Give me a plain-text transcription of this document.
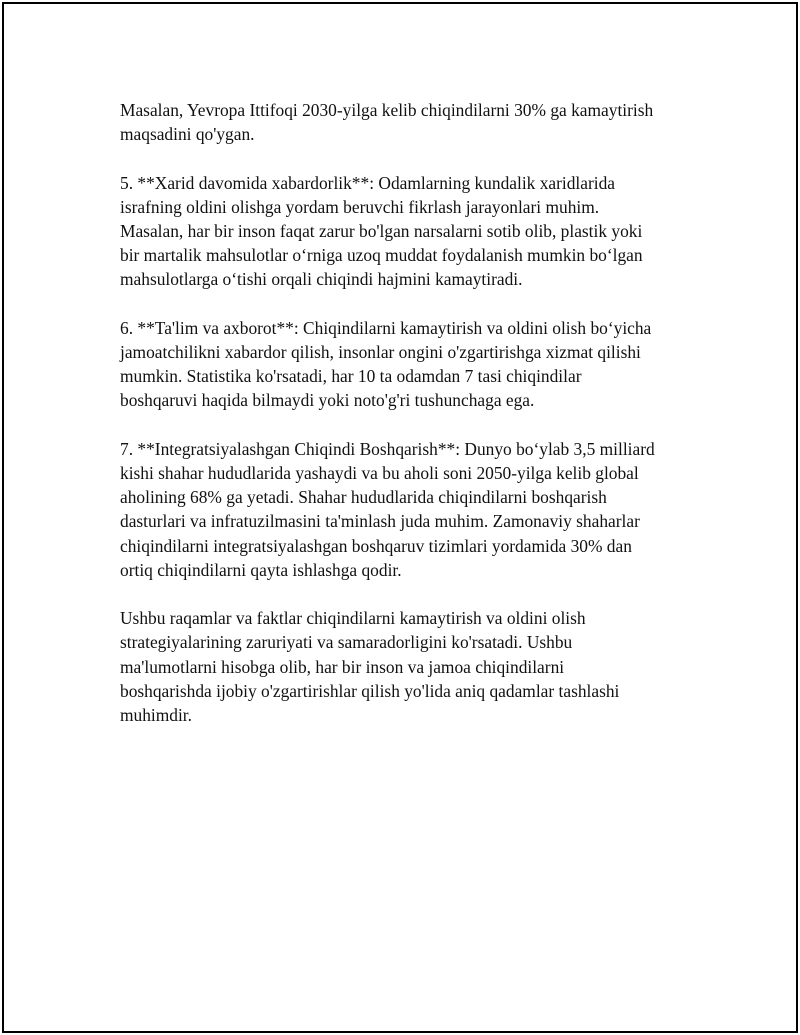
Masalan, Yevropa Ittifoqi 2030-yilga kelib chiqindilarni 30% ga kamaytirish
maqsadini qo'ygan.

5. **Xarid davomida xabardorlik**: Odamlarning kundalik xaridlarida
israfning oldini olishga yordam beruvchi fikrlash jarayonlari muhim.
Masalan, har bir inson faqat zarur bo'lgan narsalarni sotib olib, plastik yoki
bir martalik mahsulotlar o‘rniga uzoq muddat foydalanish mumkin bo‘lgan
mahsulotlarga o‘tishi orqali chiqindi hajmini kamaytiradi.

6. **Ta'lim va axborot**: Chiqindilarni kamaytirish va oldini olish bo‘yicha
jamoatchilikni xabardor qilish, insonlar ongini o'zgartirishga xizmat qilishi
mumkin. Statistika ko'rsatadi, har 10 ta odamdan 7 tasi chiqindilar
boshqaruvi haqida bilmaydi yoki noto'g'ri tushunchaga ega.

7. **Integratsiyalashgan Chiqindi Boshqarish**: Dunyo bo‘ylab 3,5 milliard
kishi shahar hududlarida yashaydi va bu aholi soni 2050-yilga kelib global
aholining 68% ga yetadi. Shahar hududlarida chiqindilarni boshqarish
dasturlari va infratuzilmasini ta'minlash juda muhim. Zamonaviy shaharlar
chiqindilarni integratsiyalashgan boshqaruv tizimlari yordamida 30% dan
ortiq chiqindilarni qayta ishlashga qodir.

Ushbu raqamlar va faktlar chiqindilarni kamaytirish va oldini olish
strategiyalarining zaruriyati va samaradorligini ko'rsatadi. Ushbu
ma'lumotlarni hisobga olib, har bir inson va jamoa chiqindilarni
boshqarishda ijobiy o'zgartirishlar qilish yo'lida aniq qadamlar tashlashi
muhimdir.
